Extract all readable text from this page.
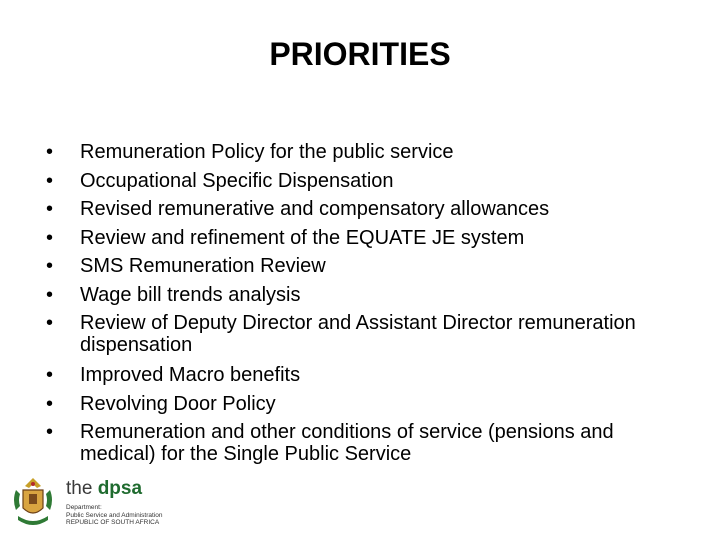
PRIORITIES
• Remuneration Policy for the public service
• Occupational Specific Dispensation
• Revised remunerative and compensatory allowances
• Review and refinement of the EQUATE JE system
• SMS Remuneration Review
• Wage bill trends analysis
• Review of Deputy Director and Assistant Director remuneration dispensation
• Improved Macro benefits
• Revolving Door Policy
• Remuneration and other conditions of service (pensions and medical) for the Single Public Service
the dpsa
Department:
Public Service and Administration
REPUBLIC OF SOUTH AFRICA
